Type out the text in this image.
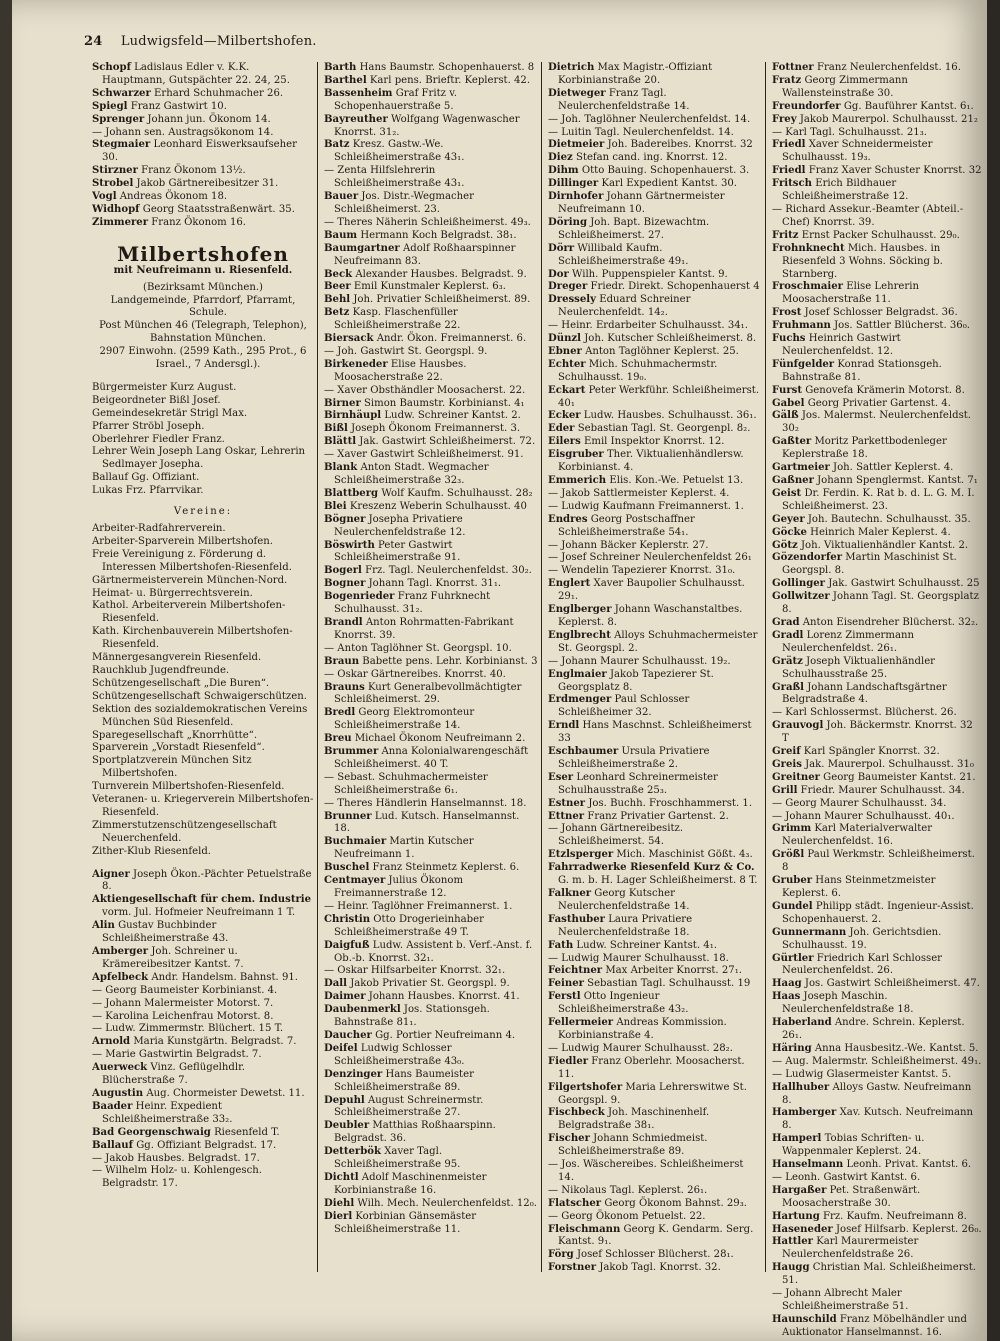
24 Ludwigsfeld—Milbertshofen.
Schopf Ladislaus Edler v. K.K. Hauptmann, Gutspächter 22. 24, 25.
Schwarzer Erhard Schuhmacher 26.
Spiegl Franz Gastwirt 10.
Sprenger Johann jun. Ökonom 14.
— Johann sen. Austragsökonom 14.
Stegmaier Leonhard Eiswerksaufseher 30.
Stirzner Franz Ökonom 13½.
Strobel Jakob Gärtnereibesitzer 31.
Vogl Andreas Ökonom 18.
Widhopf Georg Staatsstraßenwärt. 35.
Zimmerer Franz Ökonom 16.
Milbertshofen
mit Neufreimann u. Riesenfeld.
(Bezirksamt München.)
Landgemeinde, Pfarrdorf, Pfarramt, Schule.
Post München 46 (Telegraph, Telephon), Bahnstation München.
2907 Einwohn. (2599 Kath., 295 Prot., 6 Israel., 7 Andersgl.).
Bürgermeister Kurz August.
Beigeordneter Bißl Josef.
Gemeindesekretär Strigl Max.
Pfarrer Ströbl Joseph.
Oberlehrer Fiedler Franz.
Lehrer Wein Joseph Lang Oskar, Lehrerin Sedlmayer Josepha.
Ballauf Gg. Offiziant.
Lukas Frz. Pfarrvikar.
Vereine:
Arbeiter-Radfahrerverein.
Arbeiter-Sparverein Milbertshofen.
Freie Vereinigung z. Förderung d. Interessen Milbertshofen-Riesenfeld.
Gärtnermeisterverein München-Nord.
Heimat- u. Bürgerrechtsverein.
Kathol. Arbeiterverein Milbertshofen-Riesenfeld.
Kath. Kirchenbauverein Milbertshofen-Riesenfeld.
Männergesangverein Riesenfeld.
Rauchklub Jugendfreunde.
Schützengesellschaft „Die Buren“.
Schützengesellschaft Schwaigerschützen.
Sektion des sozialdemokratischen Vereins München Süd Riesenfeld.
Sparegesellschaft „Knorrhütte“.
Sparverein „Vorstadt Riesenfeld“.
Sportplatzverein München Sitz Milbertshofen.
Turnverein Milbertshofen-Riesenfeld.
Veteranen- u. Kriegerverein Milbertshofen-Riesenfeld.
Zimmerstutzenschützengesellschaft Neuerchenfeld.
Zither-Klub Riesenfeld.
Aigner Joseph Ökon.-Pächter Petuelstraße 8.
Aktiengesellschaft für chem. Industrie vorm. Jul. Hofmeier Neufreimann 1 T.
Alin Gustav Buchbinder Schleißheimerstraße 43.
Amberger Joh. Schreiner u. Krämereibesitzer Kantst. 7.
Apfelbeck Andr. Handelsm. Bahnst. 91.
— Georg Baumeister Korbinianst. 4.
— Johann Malermeister Motorst. 7.
— Karolina Leichenfrau Motorst. 8.
— Ludw. Zimmermstr. Blüchert. 15 T.
Arnold Maria Kunstgärtn. Belgradst. 7.
— Marie Gastwirtin Belgradst. 7.
Auerweck Vinz. Geflügelhdlr. Blücherstraße 7.
Augustin Aug. Chormeister Dewetst. 11.
Baader Heinr. Expedient Schleißheimerstraße 33₂.
Bad Georgenschwaig Riesenfeld T.
Ballauf Gg. Offiziant Belgradst. 17.
— Jakob Hausbes. Belgradst. 17.
— Wilhelm Holz- u. Kohlengesch. Belgradstr. 17.
Barth Hans Baumstr. Schopenhauerst. 8
Barthel Karl pens. Brieftr. Keplerst. 42.
Bassenheim Graf Fritz v. Schopenhauerstraße 5.
Bayreuther Wolfgang Wagenwascher Knorrst. 31₂.
Batz Kresz. Gastw.-We. Schleißheimerstraße 43₁.
— Zenta Hilfslehrerin Schleißheimerstraße 43₁.
Bauer Jos. Distr.-Wegmacher Schleißheimerst. 23.
— Theres Näherin Schleißheimerst. 49₃.
Baum Hermann Koch Belgradst. 38₁.
Baumgartner Adolf Roßhaarspinner Neufreimann 83.
Beck Alexander Hausbes. Belgradst. 9.
Beer Emil Kunstmaler Keplerst. 6₃.
Behl Joh. Privatier Schleißheimerst. 89.
Betz Kasp. Flaschenfüller Schleißheimerstraße 22.
Biersack Andr. Ökon. Freimannerst. 6.
— Joh. Gastwirt St. Georgspl. 9.
Birkeneder Elise Hausbes. Moosacherstraße 22.
— Xaver Obsthändler Moosacherst. 22.
Birner Simon Baumstr. Korbinianst. 4₁
Birnhäupl Ludw. Schreiner Kantst. 2.
Bißl Joseph Ökonom Freimannerst. 3.
Blättl Jak. Gastwirt Schleißheimerst. 72.
— Xaver Gastwirt Schleißheimerst. 91.
Blank Anton Stadt. Wegmacher Schleißheimerstraße 32₃.
Blattberg Wolf Kaufm. Schulhausst. 28₂
Blei Kreszenz Weberin Schulhausst. 40
Bögner Josepha Privatiere Neulerchenfeldstraße 12.
Böswirth Peter Gastwirt Schleißheimerstraße 91.
Bogerl Frz. Tagl. Neulerchenfeldst. 30₂.
Bogner Johann Tagl. Knorrst. 31₁.
Bogenrieder Franz Fuhrknecht Schulhausst. 31₂.
Brandl Anton Rohrmatten-Fabrikant Knorrst. 39.
— Anton Taglöhner St. Georgspl. 10.
Braun Babette pens. Lehr. Korbinianst. 3
— Oskar Gärtnereibes. Knorrst. 40.
Brauns Kurt Generalbevollmächtigter Schleißheimerst. 29.
Bredl Georg Elektromonteur Schleißheimerstraße 14.
Breu Michael Ökonom Neufreimann 2.
Brummer Anna Kolonialwarengeschäft Schleißheimerst. 40 T.
— Sebast. Schuhmachermeister Schleißheimerstraße 6₁.
— Theres Händlerin Hanselmannst. 18.
Brunner Lud. Kutsch. Hanselmannst. 18.
Buchmaier Martin Kutscher Neufreimann 1.
Buschel Franz Steinmetz Keplerst. 6.
Centmayer Julius Ökonom Freimannerstraße 12.
— Heinr. Taglöhner Freimannerst. 1.
Christin Otto Drogerieinhaber Schleißheimerstraße 49 T.
Daigfuß Ludw. Assistent b. Verf.-Anst. f. Ob.-b. Knorrst. 32₁.
— Oskar Hilfsarbeiter Knorrst. 32₁.
Dall Jakob Privatier St. Georgspl. 9.
Daimer Johann Hausbes. Knorrst. 41.
Daubenmerkl Jos. Stationsgeh. Bahnstraße 81₁.
Daucher Gg. Portier Neufreimann 4.
Deifel Ludwig Schlosser Schleißheimerstraße 43₀.
Denzinger Hans Baumeister Schleißheimerstraße 89.
Depuhl August Schreinermstr. Schleißheimerstraße 27.
Deubler Matthias Roßhaarspinn. Belgradst. 36.
Detterbök Xaver Tagl. Schleißheimerstraße 95.
Dichtl Adolf Maschinenmeister Korbinianstraße 16.
Diehl Wilh. Mech. Neulerchenfeldst. 12₀.
Dierl Korbinian Gänsemäster Schleißheimerstraße 11.
Dietrich Max Magistr.-Offiziant Korbinianstraße 20.
Dietweger Franz Tagl. Neulerchenfeldstraße 14.
— Joh. Taglöhner Neulerchenfeldst. 14.
— Luitin Tagl. Neulerchenfeldst. 14.
Dietmeier Joh. Badereibes. Knorrst. 32
Diez Stefan cand. ing. Knorrst. 12.
Dihm Otto Bauing. Schopenhauerst. 3.
Dillinger Karl Expedient Kantst. 30.
Dirnhofer Johann Gärtnermeister Neufreimann 10.
Döring Joh. Bapt. Bizewachtm. Schleißheimerst. 27.
Dörr Willibald Kaufm. Schleißheimerstraße 49₁.
Dor Wilh. Puppenspieler Kantst. 9.
Dreger Friedr. Direkt. Schopenhauerst 4
Dressely Eduard Schreiner Neulerchenfeldt. 14₂.
— Heinr. Erdarbeiter Schulhausst. 34₁.
Dünzl Joh. Kutscher Schleißheimerst. 8.
Ebner Anton Taglöhner Keplerst. 25.
Echter Mich. Schuhmachermstr. Schulhausst. 19₀.
Eckart Peter Werkführ. Schleißheimerst. 40₁
Ecker Ludw. Hausbes. Schulhausst. 36₁.
Eder Sebastian Tagl. St. Georgenpl. 8₂.
Eilers Emil Inspektor Knorrst. 12.
Eisgruber Ther. Viktualienhändlersw. Korbinianst. 4.
Emmerich Elis. Kon.-We. Petuelst 13.
— Jakob Sattlermeister Keplerst. 4.
— Ludwig Kaufmann Freimannerst. 1.
Endres Georg Postschaffner Schleißheimerstraße 54₁.
— Johann Bäcker Keplerstr. 27.
— Josef Schreiner Neulerchenfeldst 26₁
— Wendelin Tapezierer Knorrst. 31₀.
Englert Xaver Baupolier Schulhausst. 29₁.
Englberger Johann Waschanstaltbes. Keplerst. 8.
Englbrecht Alloys Schuhmachermeister St. Georgspl. 2.
— Johann Maurer Schulhausst. 19₂.
Englmaier Jakob Tapezierer St. Georgsplatz 8.
Erdmenger Paul Schlosser Schleißheimer 32.
Erndl Hans Maschnst. Schleißheimerst 33
Eschbaumer Ursula Privatiere Schleißheimerstraße 2.
Eser Leonhard Schreinermeister Schulhausstraße 25₃.
Estner Jos. Buchh. Froschhammerst. 1.
Ettner Franz Privatier Gartenst. 2.
— Johann Gärtnereibesitz. Schleißheimerst. 54.
Etzlsperger Mich. Maschinist Gößt. 4₃.
Fahrradwerke Riesenfeld Kurz & Co. G. m. b. H. Lager Schleißheimerst. 8 T.
Falkner Georg Kutscher Neulerchenfeldstraße 14.
Fasthuber Laura Privatiere Neulerchenfeldstraße 18.
Fath Ludw. Schreiner Kantst. 4₁.
— Ludwig Maurer Schulhausst. 18.
Feichtner Max Arbeiter Knorrst. 27₁.
Feiner Sebastian Tagl. Schulhausst. 19
Ferstl Otto Ingenieur Schleißheimerstraße 43₂.
Fellermeier Andreas Kommission. Korbinianstraße 4.
— Ludwig Maurer Schulhausst. 28₂.
Fiedler Franz Oberlehr. Moosacherst. 11.
Filgertshofer Maria Lehrerswitwe St. Georgspl. 9.
Fischbeck Joh. Maschinenhelf. Belgradstraße 38₁.
Fischer Johann Schmiedmeist. Schleißheimerstraße 89.
— Jos. Wäschereibes. Schleißheimerst 14.
— Nikolaus Tagl. Keplerst. 26₁.
Flatscher Georg Ökonom Bahnst. 29₃.
— Georg Ökonom Petuelst. 22.
Fleischmann Georg K. Gendarm. Serg. Kantst. 9₁.
Förg Josef Schlosser Blücherst. 28₁.
Forstner Jakob Tagl. Knorrst. 32.
Fottner Franz Neulerchenfeldst. 16.
Fratz Georg Zimmermann Wallensteinstraße 30.
Freundorfer Gg. Bauführer Kantst. 6₁.
Frey Jakob Maurerpol. Schulhausst. 21₂
— Karl Tagl. Schulhausst. 21₃.
Friedl Xaver Schneidermeister Schulhausst. 19₃.
Friedl Franz Xaver Schuster Knorrst. 32
Fritsch Erich Bildhauer Schleißheimerstraße 12.
— Richard Assekur.-Beamter (Abteil.-Chef) Knorrst. 39.
Fritz Ernst Packer Schulhausst. 29₀.
Frohnknecht Mich. Hausbes. in Riesenfeld 3 Wohns. Söcking b. Starnberg.
Froschmaier Elise Lehrerin Moosacherstraße 11.
Frost Josef Schlosser Belgradst. 36.
Fruhmann Jos. Sattler Blücherst. 36₀.
Fuchs Heinrich Gastwirt Neulerchenfeldst. 12.
Fünfgelder Konrad Stationsgeh. Bahnstraße 81.
Furst Genovefa Krämerin Motorst. 8.
Gabel Georg Privatier Gartenst. 4.
Gälß Jos. Malermst. Neulerchenfeldst. 30₂
Gaßter Moritz Parkettbodenleger Keplerstraße 18.
Gartmeier Joh. Sattler Keplerst. 4.
Gaßner Johann Spenglermst. Kantst. 7₁
Geist Dr. Ferdin. K. Rat b. d. L. G. M. I. Schleißheimerst. 23.
Geyer Joh. Bautechn. Schulhausst. 35.
Göcke Heinrich Maler Keplerst. 4.
Götz Joh. Viktualienhändler Kantst. 2.
Gözendorfer Martin Maschinist St. Georgspl. 8.
Gollinger Jak. Gastwirt Schulhausst. 25
Gollwitzer Johann Tagl. St. Georgsplatz 8.
Grad Anton Eisendreher Blücherst. 32₂.
Gradl Lorenz Zimmermann Neulerchenfeldst. 26₁.
Grätz Joseph Viktualienhändler Schulhausstraße 25.
Graßl Johann Landschaftsgärtner Belgradstraße 4.
— Karl Schlossermst. Blücherst. 26.
Grauvogl Joh. Bäckermstr. Knorrst. 32 T
Greif Karl Spängler Knorrst. 32.
Greis Jak. Maurerpol. Schulhausst. 31₀
Greitner Georg Baumeister Kantst. 21.
Grill Friedr. Maurer Schulhausst. 34.
— Georg Maurer Schulhausst. 34.
— Johann Maurer Schulhausst. 40₁.
Grimm Karl Materialverwalter Neulerchenfeldst. 16.
Größl Paul Werkmstr. Schleißheimerst. 8
Gruber Hans Steinmetzmeister Keplerst. 6.
Gundel Philipp städt. Ingenieur-Assist. Schopenhauerst. 2.
Gunnermann Joh. Gerichtsdien. Schulhausst. 19.
Gürtler Friedrich Karl Schlosser Neulerchenfeldst. 26.
Haag Jos. Gastwirt Schleißheimerst. 47.
Haas Joseph Maschin. Neulerchenfeldstraße 18.
Haberland Andre. Schrein. Keplerst. 26₁.
Häring Anna Hausbesitz.-We. Kantst. 5.
— Aug. Malermstr. Schleißheimerst. 49₁.
— Ludwig Glasermeister Kantst. 5.
Hallhuber Alloys Gastw. Neufreimann 8.
Hamberger Xav. Kutsch. Neufreimann 8.
Hamperl Tobias Schriften- u. Wappenmaler Keplerst. 24.
Hanselmann Leonh. Privat. Kantst. 6.
— Leonh. Gastwirt Kantst. 6.
Hargaßer Pet. Straßenwärt. Moosacherstraße 30.
Hartung Frz. Kaufm. Neufreimann 8.
Haseneder Josef Hilfsarb. Keplerst. 26₀.
Hattler Karl Maurermeister Neulerchenfeldstraße 26.
Haugg Christian Mal. Schleißheimerst. 51.
— Johann Albrecht Maler Schleißheimerstraße 51.
Haunschild Franz Möbelhändler und Auktionator Hanselmannst. 16.
